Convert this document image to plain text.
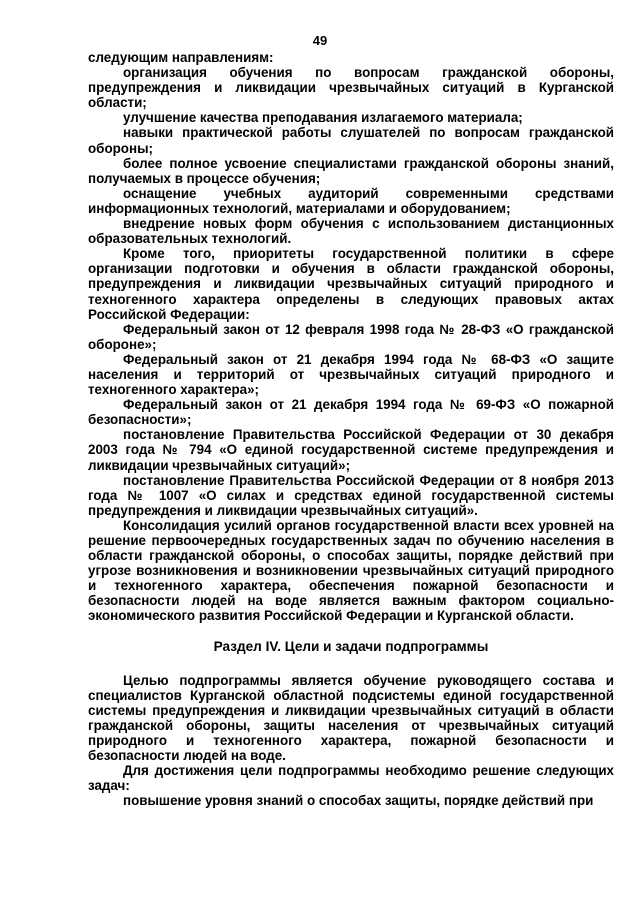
49

следующим направлениям:

организация обучения по вопросам гражданской обороны, предупреждения и ликвидации чрезвычайных ситуаций в Курганской области;

улучшение качества преподавания излагаемого материала;

навыки практической работы слушателей по вопросам гражданской обороны;

более полное усвоение специалистами гражданской обороны знаний, получаемых в процессе обучения;

оснащение учебных аудиторий современными средствами информационных технологий, материалами и оборудованием;

внедрение новых форм обучения с использованием дистанционных образовательных технологий.

Кроме того, приоритеты государственной политики в сфере организации подготовки и обучения в области гражданской обороны, предупреждения и ликвидации чрезвычайных ситуаций природного и техногенного характера определены в следующих правовых актах Российской Федерации:

Федеральный закон от 12 февраля 1998 года № 28-ФЗ «О гражданской обороне»;

Федеральный закон от 21 декабря 1994 года № 68-ФЗ «О защите населения и территорий от чрезвычайных ситуаций природного и техногенного характера»;

Федеральный закон от 21 декабря 1994 года № 69-ФЗ «О пожарной безопасности»;

постановление Правительства Российской Федерации от 30 декабря 2003 года № 794 «О единой государственной системе предупреждения и ликвидации чрезвычайных ситуаций»;

постановление Правительства Российской Федерации от 8 ноября 2013 года № 1007 «О силах и средствах единой государственной системы предупреждения и ликвидации чрезвычайных ситуаций».

Консолидация усилий органов государственной власти всех уровней на решение первоочередных государственных задач по обучению населения в области гражданской обороны, о способах защиты, порядке действий при угрозе возникновения и возникновении чрезвычайных ситуаций природного и техногенного характера, обеспечения пожарной безопасности и безопасности людей на воде является важным фактором социально-экономического развития Российской Федерации и Курганской области.

Раздел IV. Цели и задачи подпрограммы

Целью подпрограммы является обучение руководящего состава и специалистов Курганской областной подсистемы единой государственной системы предупреждения и ликвидации чрезвычайных ситуаций в области гражданской обороны, защиты населения от чрезвычайных ситуаций природного и техногенного характера, пожарной безопасности и безопасности людей на воде.

Для достижения цели подпрограммы необходимо решение следующих задач:

повышение уровня знаний о способах защиты, порядке действий при
